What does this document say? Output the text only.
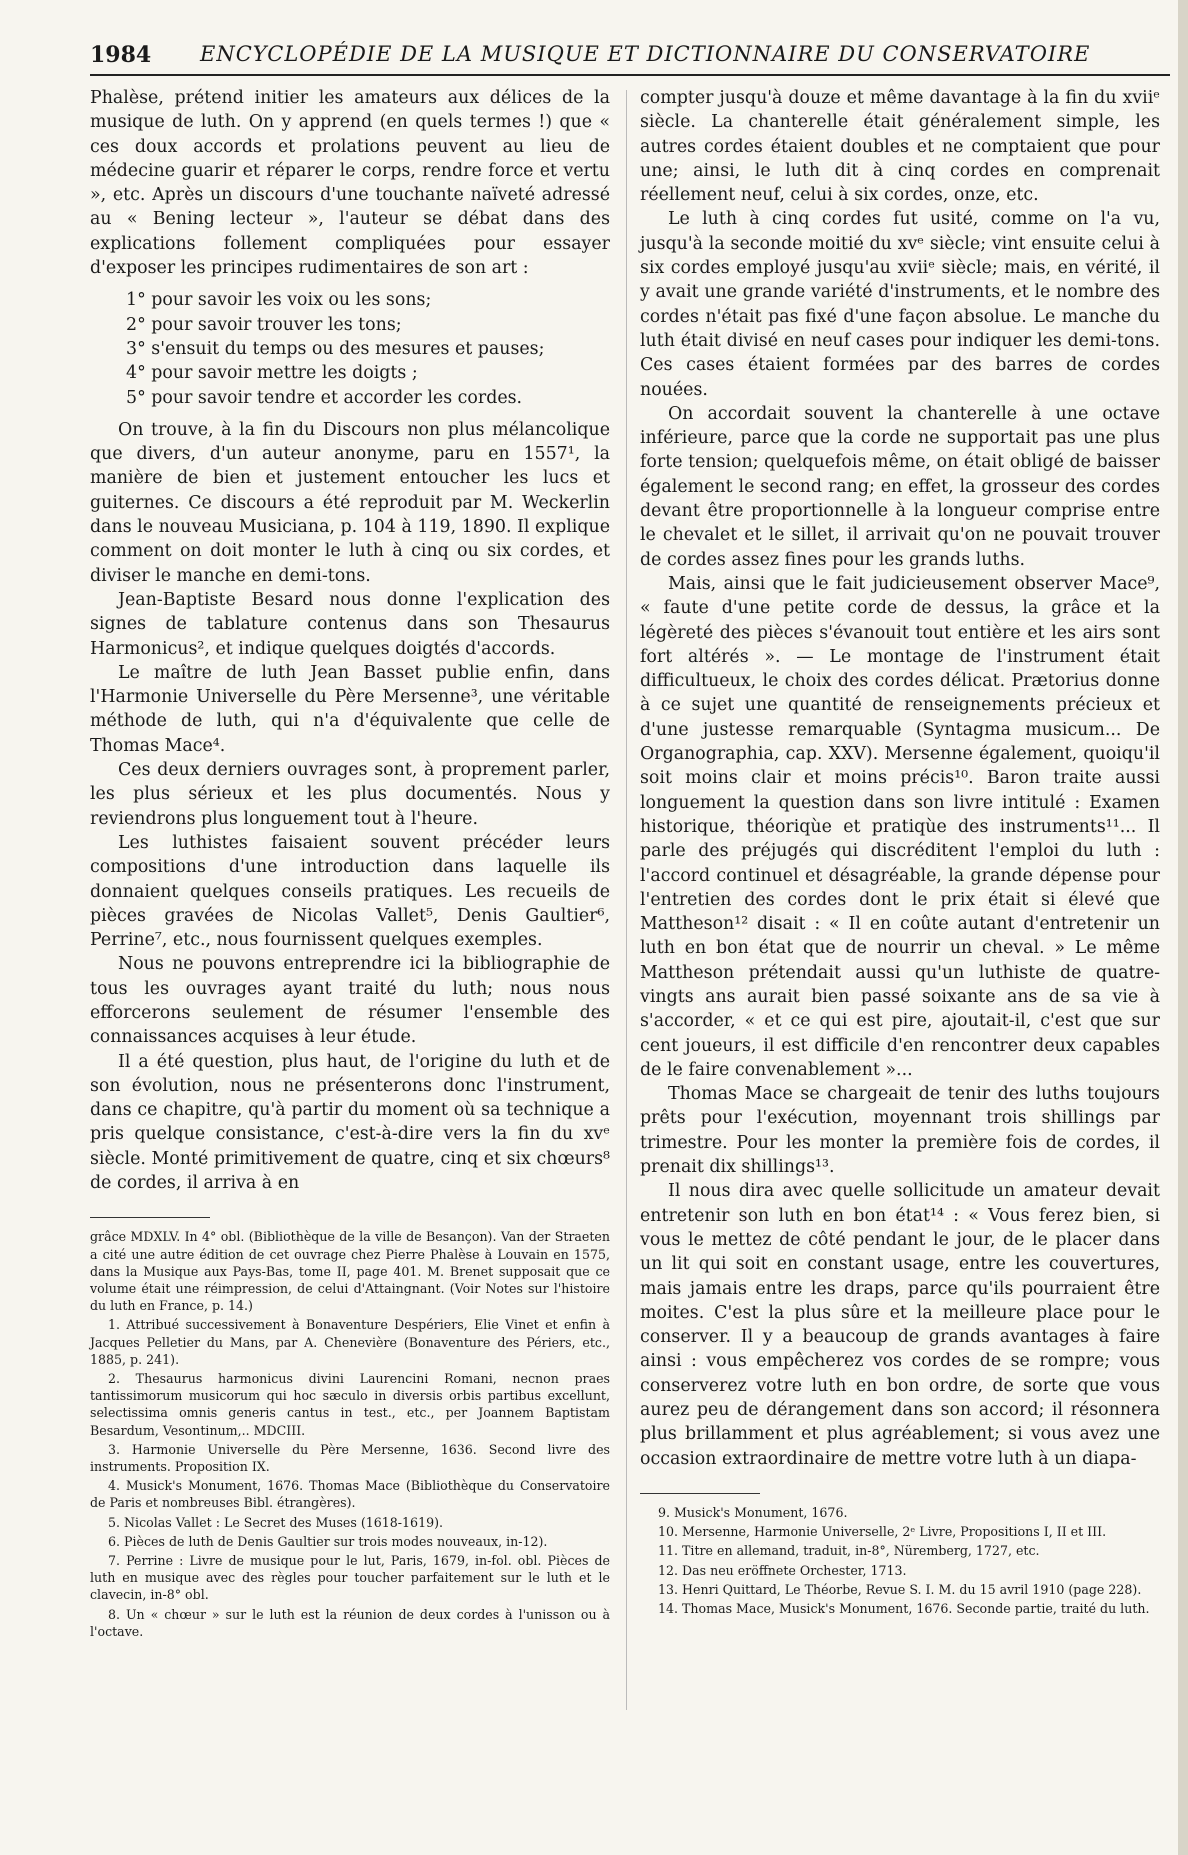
1984 ENCYCLOPÉDIE DE LA MUSIQUE ET DICTIONNAIRE DU CONSERVATOIRE

Phalèse, prétend initier les amateurs aux délices de la musique de luth. On y apprend (en quels termes !) que « ces doux accords et prolations peuvent au lieu de médecine guarir et réparer le corps, rendre force et vertu », etc. Après un discours d'une touchante naïveté adressé au « Bening lecteur », l'auteur se débat dans des explications follement compliquées pour essayer d'exposer les principes rudimentaires de son art :

1° pour savoir les voix ou les sons;
2° pour savoir trouver les tons;
3° s'ensuit du temps ou des mesures et pauses;
4° pour savoir mettre les doigts ;
5° pour savoir tendre et accorder les cordes.

On trouve, à la fin du Discours non plus mélancolique que divers, d'un auteur anonyme, paru en 1557¹, la manière de bien et justement entoucher les lucs et guiternes. Ce discours a été reproduit par M. Weckerlin dans le nouveau Musiciana, p. 104 à 119, 1890. Il explique comment on doit monter le luth à cinq ou six cordes, et diviser le manche en demi-tons.

Jean-Baptiste Besard nous donne l'explication des signes de tablature contenus dans son Thesaurus Harmonicus², et indique quelques doigtés d'accords.

Le maître de luth Jean Basset publie enfin, dans l'Harmonie Universelle du Père Mersenne³, une véritable méthode de luth, qui n'a d'équivalente que celle de Thomas Mace⁴.

Ces deux derniers ouvrages sont, à proprement parler, les plus sérieux et les plus documentés. Nous y reviendrons plus longuement tout à l'heure.

Les luthistes faisaient souvent précéder leurs compositions d'une introduction dans laquelle ils donnaient quelques conseils pratiques. Les recueils de pièces gravées de Nicolas Vallet⁵, Denis Gaultier⁶, Perrine⁷, etc., nous fournissent quelques exemples.

Nous ne pouvons entreprendre ici la bibliographie de tous les ouvrages ayant traité du luth; nous nous efforcerons seulement de résumer l'ensemble des connaissances acquises à leur étude.

Il a été question, plus haut, de l'origine du luth et de son évolution, nous ne présenterons donc l'instrument, dans ce chapitre, qu'à partir du moment où sa technique a pris quelque consistance, c'est-à-dire vers la fin du xvᵉ siècle. Monté primitivement de quatre, cinq et six chœurs⁸ de cordes, il arriva à en

grâce MDXLV. In 4° obl. (Bibliothèque de la ville de Besançon). Van der Straeten a cité une autre édition de cet ouvrage chez Pierre Phalèse à Louvain en 1575, dans la Musique aux Pays-Bas, tome II, page 401. M. Brenet supposait que ce volume était une réimpression, de celui d'Attaingnant. (Voir Notes sur l'histoire du luth en France, p. 14.)

1. Attribué successivement à Bonaventure Despériers, Elie Vinet et enfin à Jacques Pelletier du Mans, par A. Chenevière (Bonaventure des Périers, etc., 1885, p. 241).

2. Thesaurus harmonicus divini Laurencini Romani, necnon praes tantissimorum musicorum qui hoc sæculo in diversis orbis partibus excellunt, selectissima omnis generis cantus in test., etc., per Joannem Baptistam Besardum, Vesontinum,.. MDCIII.

3. Harmonie Universelle du Père Mersenne, 1636. Second livre des instruments. Proposition IX.

4. Musick's Monument, 1676. Thomas Mace (Bibliothèque du Conservatoire de Paris et nombreuses Bibl. étrangères).

5. Nicolas Vallet : Le Secret des Muses (1618-1619).

6. Pièces de luth de Denis Gaultier sur trois modes nouveaux, in-12).

7. Perrine : Livre de musique pour le lut, Paris, 1679, in-fol. obl. Pièces de luth en musique avec des règles pour toucher parfaitement sur le luth et le clavecin, in-8° obl.

8. Un « chœur » sur le luth est la réunion de deux cordes à l'unisson ou à l'octave.

compter jusqu'à douze et même davantage à la fin du xviiᵉ siècle. La chanterelle était généralement simple, les autres cordes étaient doubles et ne comptaient que pour une; ainsi, le luth dit à cinq cordes en comprenait réellement neuf, celui à six cordes, onze, etc.

Le luth à cinq cordes fut usité, comme on l'a vu, jusqu'à la seconde moitié du xvᵉ siècle; vint ensuite celui à six cordes employé jusqu'au xviiᵉ siècle; mais, en vérité, il y avait une grande variété d'instruments, et le nombre des cordes n'était pas fixé d'une façon absolue. Le manche du luth était divisé en neuf cases pour indiquer les demi-tons. Ces cases étaient formées par des barres de cordes nouées.

On accordait souvent la chanterelle à une octave inférieure, parce que la corde ne supportait pas une plus forte tension; quelquefois même, on était obligé de baisser également le second rang; en effet, la grosseur des cordes devant être proportionnelle à la longueur comprise entre le chevalet et le sillet, il arrivait qu'on ne pouvait trouver de cordes assez fines pour les grands luths.

Mais, ainsi que le fait judicieusement observer Mace⁹, « faute d'une petite corde de dessus, la grâce et la légèreté des pièces s'évanouit tout entière et les airs sont fort altérés ». — Le montage de l'instrument était difficultueux, le choix des cordes délicat. Prætorius donne à ce sujet une quantité de renseignements précieux et d'une justesse remarquable (Syntagma musicum... De Organographia, cap. XXV). Mersenne également, quoiqu'il soit moins clair et moins précis¹⁰. Baron traite aussi longuement la question dans son livre intitulé : Examen historique, théoriqùe et pratiqùe des instruments¹¹... Il parle des préjugés qui discréditent l'emploi du luth : l'accord continuel et désagréable, la grande dépense pour l'entretien des cordes dont le prix était si élevé que Mattheson¹² disait : « Il en coûte autant d'entretenir un luth en bon état que de nourrir un cheval. » Le même Mattheson prétendait aussi qu'un luthiste de quatre-vingts ans aurait bien passé soixante ans de sa vie à s'accorder, « et ce qui est pire, ajoutait-il, c'est que sur cent joueurs, il est difficile d'en rencontrer deux capables de le faire convenablement »...

Thomas Mace se chargeait de tenir des luths toujours prêts pour l'exécution, moyennant trois shillings par trimestre. Pour les monter la première fois de cordes, il prenait dix shillings¹³.

Il nous dira avec quelle sollicitude un amateur devait entretenir son luth en bon état¹⁴ : « Vous ferez bien, si vous le mettez de côté pendant le jour, de le placer dans un lit qui soit en constant usage, entre les couvertures, mais jamais entre les draps, parce qu'ils pourraient être moites. C'est la plus sûre et la meilleure place pour le conserver. Il y a beaucoup de grands avantages à faire ainsi : vous empêcherez vos cordes de se rompre; vous conserverez votre luth en bon ordre, de sorte que vous aurez peu de dérangement dans son accord; il résonnera plus brillamment et plus agréablement; si vous avez une occasion extraordinaire de mettre votre luth à un diapa-

9. Musick's Monument, 1676.

10. Mersenne, Harmonie Universelle, 2ᵉ Livre, Propositions I, II et III.

11. Titre en allemand, traduit, in-8°, Nüremberg, 1727, etc.

12. Das neu eröffnete Orchester, 1713.

13. Henri Quittard, Le Théorbe, Revue S. I. M. du 15 avril 1910 (page 228).

14. Thomas Mace, Musick's Monument, 1676. Seconde partie, traité du luth.
